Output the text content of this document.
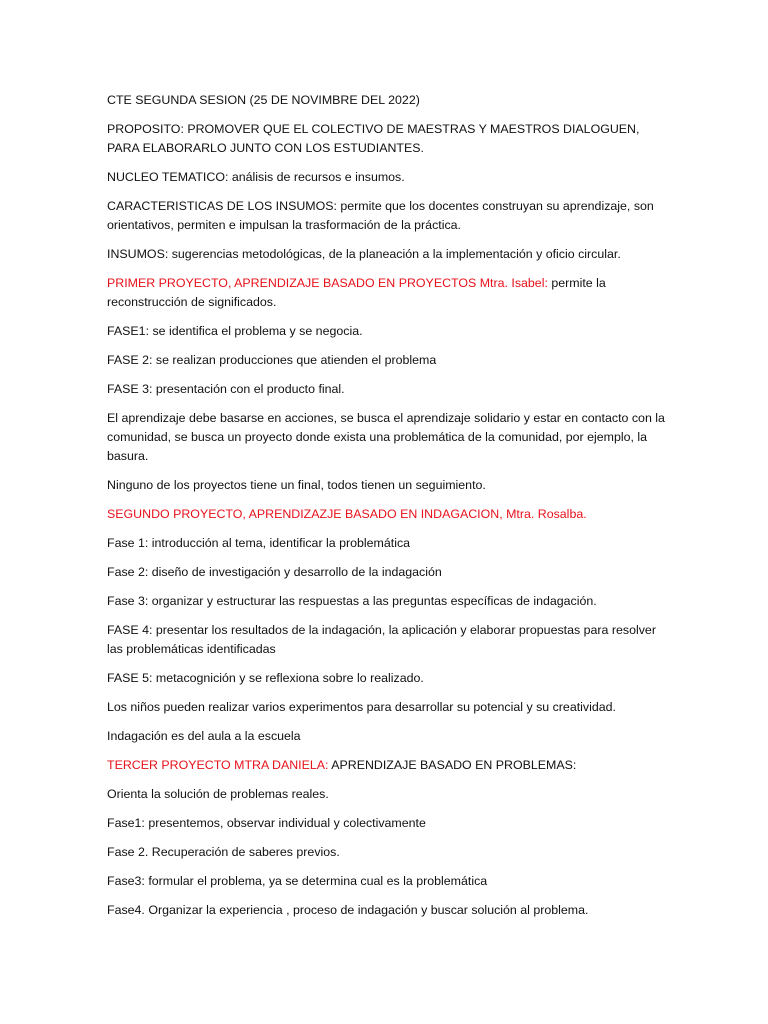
CTE SEGUNDA SESION (25 DE NOVIMBRE DEL 2022)

PROPOSITO: PROMOVER QUE EL COLECTIVO DE MAESTRAS Y MAESTROS DIALOGUEN, PARA ELABORARLO JUNTO CON LOS ESTUDIANTES.

NUCLEO TEMATICO: análisis de recursos e insumos.

CARACTERISTICAS DE LOS INSUMOS: permite que los docentes construyan su aprendizaje, son orientativos, permiten e impulsan la trasformación de la práctica.

INSUMOS: sugerencias metodológicas, de la planeación a la implementación y oficio circular.

PRIMER PROYECTO, APRENDIZAJE BASADO EN PROYECTOS Mtra. Isabel: permite la reconstrucción de significados.

FASE1: se identifica el problema y se negocia.

FASE 2: se realizan producciones que atienden el problema

FASE 3: presentación con el producto final.

El aprendizaje debe basarse en acciones, se busca el aprendizaje solidario y estar en contacto con la comunidad, se busca un proyecto donde exista una problemática de la comunidad, por ejemplo, la basura.

Ninguno de los proyectos tiene un final, todos tienen un seguimiento.

SEGUNDO PROYECTO, APRENDIZAZJE BASADO EN INDAGACION, Mtra. Rosalba.

Fase 1: introducción al tema, identificar la problemática

Fase 2: diseño de investigación y desarrollo de la indagación

Fase 3: organizar y estructurar las respuestas a las preguntas específicas de indagación.

FASE 4: presentar los resultados de la indagación, la aplicación y elaborar propuestas para resolver las problemáticas identificadas

FASE 5: metacognición y se reflexiona sobre lo realizado.

Los niños pueden realizar varios experimentos para desarrollar su potencial y su creatividad.

Indagación es del aula a la escuela

TERCER PROYECTO MTRA DANIELA: APRENDIZAJE BASADO EN PROBLEMAS:

Orienta la solución de problemas reales.

Fase1: presentemos, observar individual y colectivamente

Fase 2. Recuperación de saberes previos.

Fase3: formular el problema, ya se determina cual es la problemática

Fase4. Organizar la experiencia , proceso de indagación y buscar solución al problema.
